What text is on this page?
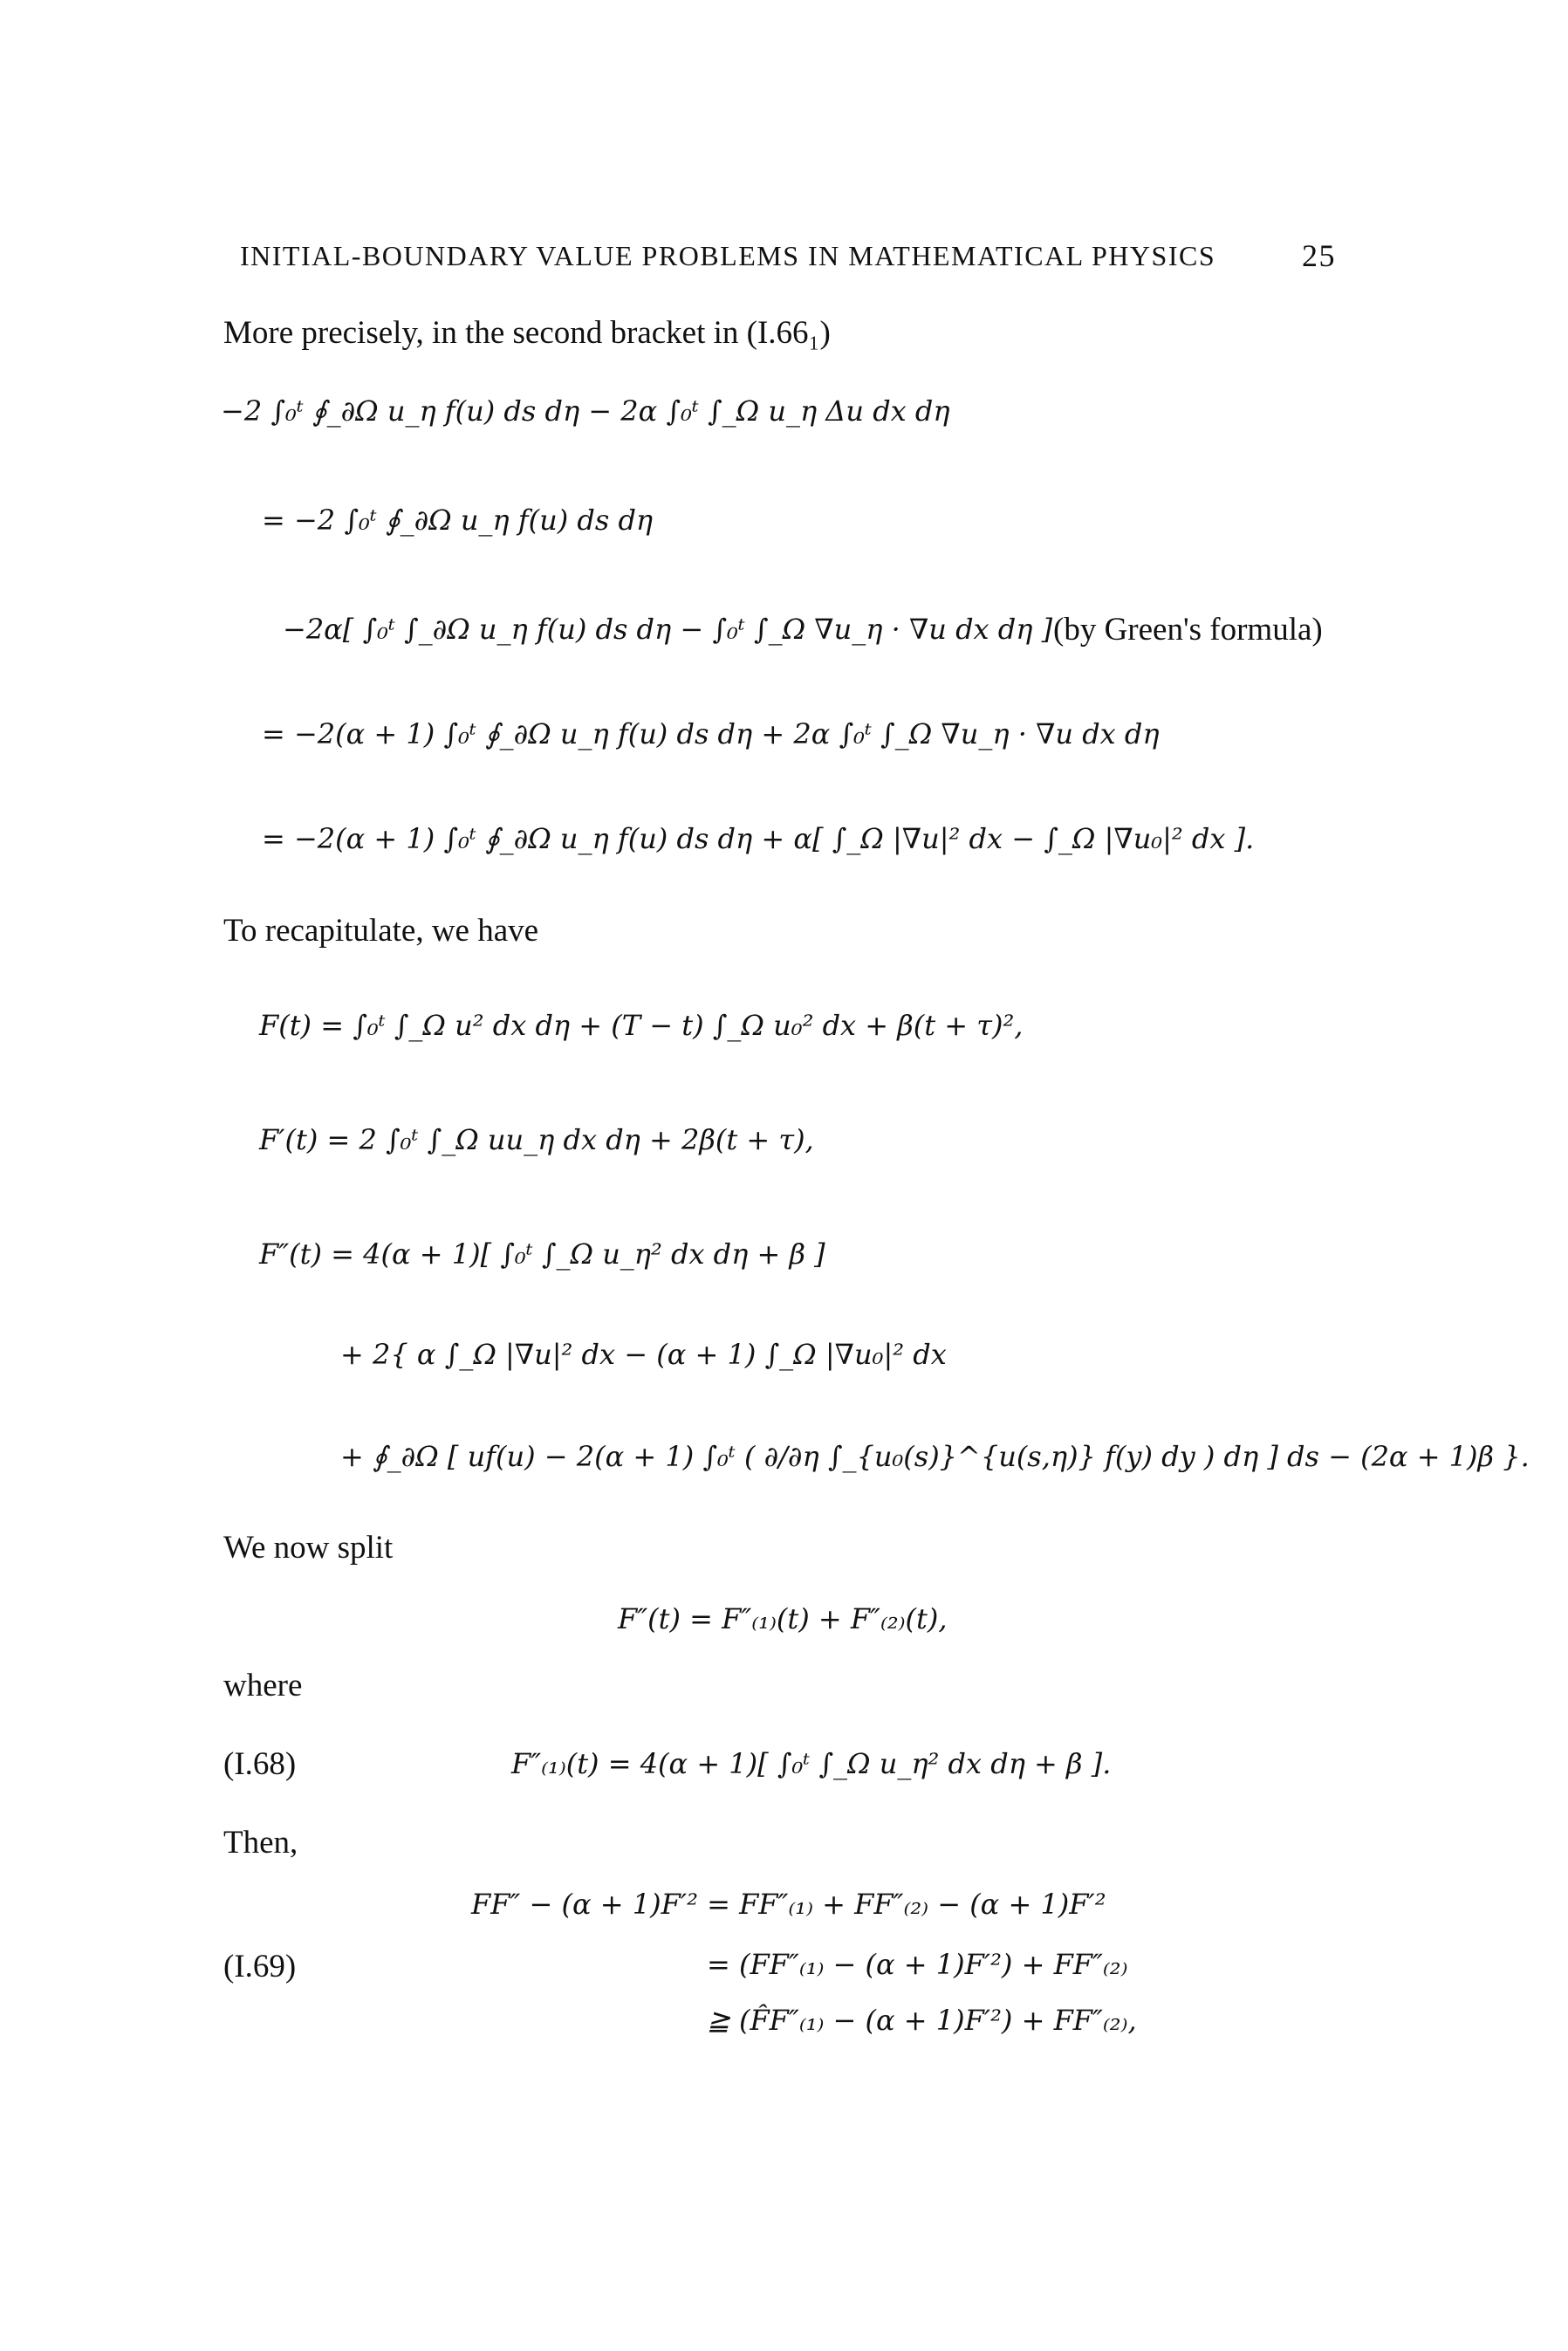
INITIAL-BOUNDARY VALUE PROBLEMS IN MATHEMATICAL PHYSICS	25
More precisely, in the second bracket in (I.66₁)
−2 ∫₀ᵗ ∮_∂Ω u_η f(u) ds dη − 2α ∫₀ᵗ ∫_Ω u_η Δu dx dη
= −2 ∫₀ᵗ ∮_∂Ω u_η f(u) ds dη
−2α[ ∫₀ᵗ ∫_∂Ω u_η f(u) ds dη − ∫₀ᵗ ∫_Ω ∇u_η · ∇u dx dη ] (by Green's formula)
= −2(α + 1) ∫₀ᵗ ∮_∂Ω u_η f(u) ds dη + 2α ∫₀ᵗ ∫_Ω ∇u_η · ∇u dx dη
= −2(α + 1) ∫₀ᵗ ∮_∂Ω u_η f(u) ds dη + α[ ∫_Ω |∇u|² dx − ∫_Ω |∇u₀|² dx ].
To recapitulate, we have
F(t) = ∫₀ᵗ ∫_Ω u² dx dη + (T − t) ∫_Ω u₀² dx + β(t + τ)²,
F′(t) = 2 ∫₀ᵗ ∫_Ω uu_η dx dη + 2β(t + τ),
F″(t) = 4(α + 1)[ ∫₀ᵗ ∫_Ω u_η² dx dη + β ]
+ 2{ α ∫_Ω |∇u|² dx − (α + 1) ∫_Ω |∇u₀|² dx
+ ∮_∂Ω [ uf(u) − 2(α + 1) ∫₀ᵗ ( ∂/∂η ∫_{u₀(s)}^{u(s,η)} f(y) dy ) dη ] ds − (2α + 1)β }.
We now split
F″(t) = F″₍₁₎(t) + F″₍₂₎(t),
where
(I.68)	F″₍₁₎(t) = 4(α + 1)[ ∫₀ᵗ ∫_Ω u_η² dx dη + β ].
Then,
FF″ − (α + 1)F′² = FF″₍₁₎ + FF″₍₂₎ − (α + 1)F′²
(I.69)	= (FF″₍₁₎ − (α + 1)F′²) + FF″₍₂₎
≧ (F̂F″₍₁₎ − (α + 1)F′²) + FF″₍₂₎,
